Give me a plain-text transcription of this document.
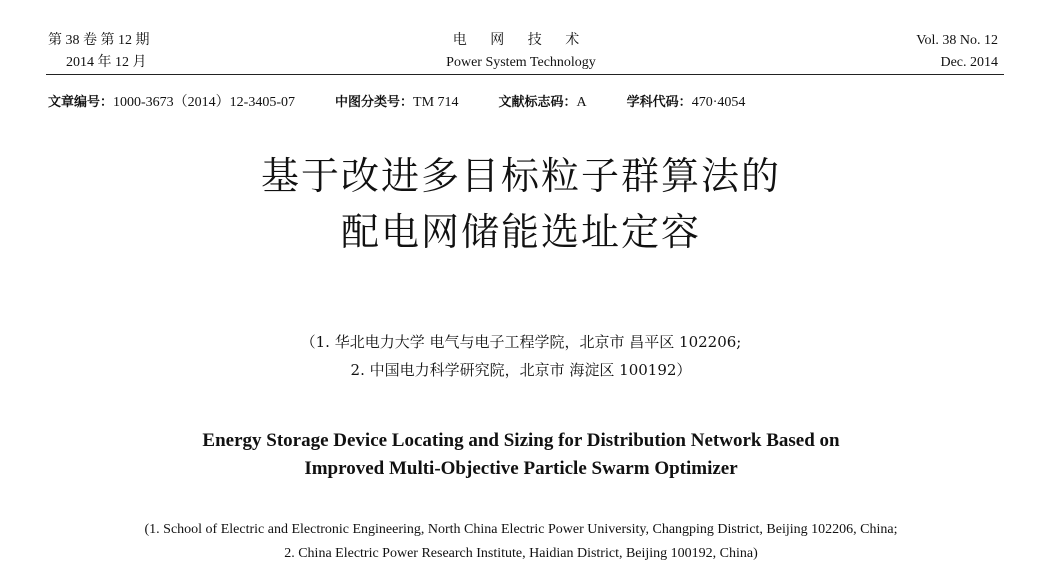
第 38 卷 第 12 期
2014 年 12 月
电 网 技 术
Power System Technology
Vol. 38 No. 12
Dec. 2014
文章编号：1000-3673（2014）12-3405-07	中图分类号：TM 714	文献标志码：A	学科代码：470·4054
基于改进多目标粒子群算法的
配电网储能选址定容
（1. 华北电力大学 电气与电子工程学院，北京市 昌平区 102206;
2. 中国电力科学研究院，北京市 海淀区 100192）
Energy Storage Device Locating and Sizing for Distribution Network Based on
Improved Multi-Objective Particle Swarm Optimizer
(1. School of Electric and Electronic Engineering, North China Electric Power University, Changping District, Beijing 102206, China;
2. China Electric Power Research Institute, Haidian District, Beijing 100192, China)
